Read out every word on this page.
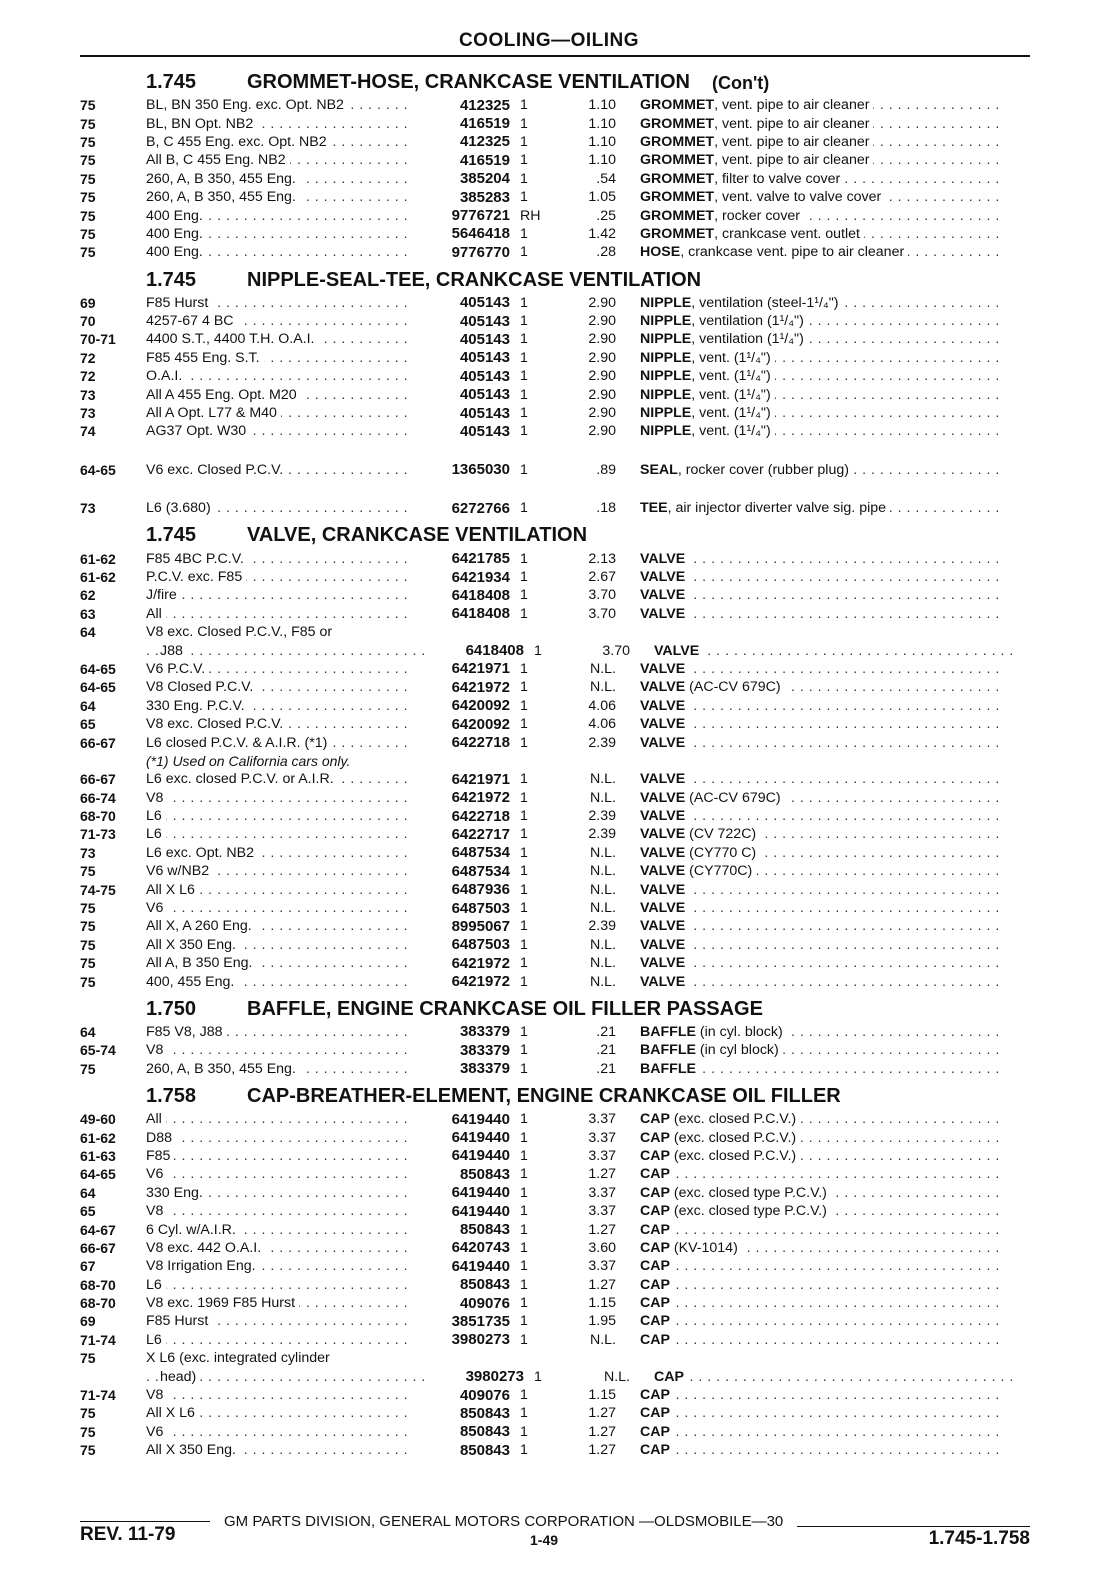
COOLING—OILING
1.745	GROMMET-HOSE, CRANKCASE VENTILATION (Con't)
75	BL, BN 350 Eng. exc. Opt. NB2 . . .	412325 1	1.10 GROMMET, vent. pipe to air cleaner . . .
75	BL, BN Opt. NB2 . . .	416519 1	1.10 GROMMET, vent. pipe to air cleaner . . .
75	B, C 455 Eng. exc. Opt. NB2 . . .	412325 1	1.10 GROMMET, vent. pipe to air cleaner . . .
75	All B, C 455 Eng. NB2 . . .	416519 1	1.10 GROMMET, vent. pipe to air cleaner . . .
75	260, A, B 350, 455 Eng. . . .	385204 1	.54 GROMMET, filter to valve cover . . .
75	260, A, B 350, 455 Eng. . . .	385283 1	1.05 GROMMET, vent. valve to valve cover . . .
75	400 Eng. . . .	9776721 RH	.25 GROMMET, rocker cover . . .
75	400 Eng. . . .	5646418 1	1.42 GROMMET, crankcase vent. outlet . . .
75	400 Eng. . . .	9776770 1	.28 HOSE, crankcase vent. pipe to air cleaner . . .
1.745	NIPPLE-SEAL-TEE, CRANKCASE VENTILATION
69	F85 Hurst . . .	405143 1	2.90 NIPPLE, ventilation (steel-1¹/₄") . . .
70	4257-67 4 BC . . .	405143 1	2.90 NIPPLE, ventilation (1¹/₄") . . .
70-71	4400 S.T., 4400 T.H. O.A.I. . . .	405143 1	2.90 NIPPLE, ventilation (1¹/₄") . . .
72	F85 455 Eng. S.T. . . .	405143 1	2.90 NIPPLE, vent. (1¹/₄") . . .
72	O.A.I. . . .	405143 1	2.90 NIPPLE, vent. (1¹/₄") . . .
73	All A 455 Eng. Opt. M20 . . .	405143 1	2.90 NIPPLE, vent. (1¹/₄") . . .
73	All A Opt. L77 & M40 . . .	405143 1	2.90 NIPPLE, vent. (1¹/₄") . . .
74	AG37 Opt. W30 . . .	405143 1	2.90 NIPPLE, vent. (1¹/₄") . . .
64-65	V6 exc. Closed P.C.V. . . .	1365030 1	.89 SEAL, rocker cover (rubber plug) . . .
73	L6 (3.680) . . .	6272766 1	.18 TEE, air injector diverter valve sig. pipe . . .
1.745	VALVE, CRANKCASE VENTILATION
61-62	F85 4BC P.C.V. . . .	6421785 1	2.13 VALVE . . .
61-62	P.C.V. exc. F85 . . .	6421934 1	2.67 VALVE . . .
62	J/fire . . .	6418408 1	3.70 VALVE . . .
63	All . . .	6418408 1	3.70 VALVE . . .
64	V8 exc. Closed P.C.V., F85 or
J88 . . .	6418408 1	3.70 VALVE . . .
64-65	V6 P.C.V. . . .	6421971 1	N.L. VALVE . . .
64-65	V8 Closed P.C.V. . . .	6421972 1	N.L. VALVE (AC-CV 679C) . . .
64	330 Eng. P.C.V. . . .	6420092 1	4.06 VALVE . . .
65	V8 exc. Closed P.C.V. . . .	6420092 1	4.06 VALVE . . .
66-67	L6 closed P.C.V. & A.I.R. (*1) . . .	6422718 1	2.39 VALVE . . .
(*1) Used on California cars only.
66-67	L6 exc. closed P.C.V. or A.I.R. . . .	6421971 1	N.L. VALVE . . .
66-74	V8 . . .	6421972 1	N.L. VALVE (AC-CV 679C) . . .
68-70	L6 . . .	6422718 1	2.39 VALVE . . .
71-73	L6 . . .	6422717 1	2.39 VALVE (CV 722C) . . .
73	L6 exc. Opt. NB2 . . .	6487534 1	N.L. VALVE (CY770 C) . . .
75	V6 w/NB2 . . .	6487534 1	N.L. VALVE (CY770C) . . .
74-75	All X L6 . . .	6487936 1	N.L. VALVE . . .
75	V6 . . .	6487503 1	N.L. VALVE . . .
75	All X, A 260 Eng. . . .	8995067 1	2.39 VALVE . . .
75	All X 350 Eng. . . .	6487503 1	N.L. VALVE . . .
75	All A, B 350 Eng. . . .	6421972 1	N.L. VALVE . . .
75	400, 455 Eng. . . .	6421972 1	N.L. VALVE . . .
1.750	BAFFLE, ENGINE CRANKCASE OIL FILLER PASSAGE
64	F85 V8, J88 . . .	383379 1	.21 BAFFLE (in cyl. block) . . .
65-74	V8 . . .	383379 1	.21 BAFFLE (in cyl block) . . .
75	260, A, B 350, 455 Eng. . . .	383379 1	.21 BAFFLE . . .
1.758	CAP-BREATHER-ELEMENT, ENGINE CRANKCASE OIL FILLER
49-60	All . . .	6419440 1	3.37 CAP (exc. closed P.C.V.) . . .
61-62	D88 . . .	6419440 1	3.37 CAP (exc. closed P.C.V.) . . .
61-63	F85 . . .	6419440 1	3.37 CAP (exc. closed P.C.V.) . . .
64-65	V6 . . .	850843 1	1.27 CAP . . .
64	330 Eng. . . .	6419440 1	3.37 CAP (exc. closed type P.C.V.) . . .
65	V8 . . .	6419440 1	3.37 CAP (exc. closed type P.C.V.) . . .
64-67	6 Cyl. w/A.I.R. . . .	850843 1	1.27 CAP . . .
66-67	V8 exc. 442 O.A.I. . . .	6420743 1	3.60 CAP (KV-1014) . . .
67	V8 Irrigation Eng. . . .	6419440 1	3.37 CAP . . .
68-70	L6 . . .	850843 1	1.27 CAP . . .
68-70	V8 exc. 1969 F85 Hurst . . .	409076 1	1.15 CAP . . .
69	F85 Hurst . . .	3851735 1	1.95 CAP . . .
71-74	L6 . . .	3980273 1	N.L. CAP . . .
75	X L6 (exc. integrated cylinder
head) . . .	3980273 1	N.L. CAP . . .
71-74	V8 . . .	409076 1	1.15 CAP . . .
75	All X L6 . . .	850843 1	1.27 CAP . . .
75	V6 . . .	850843 1	1.27 CAP . . .
75	All X 350 Eng. . . .	850843 1	1.27 CAP . . .
GM PARTS DIVISION, GENERAL MOTORS CORPORATION —OLDSMOBILE—30
REV. 11-79	1-49	1.745-1.758
